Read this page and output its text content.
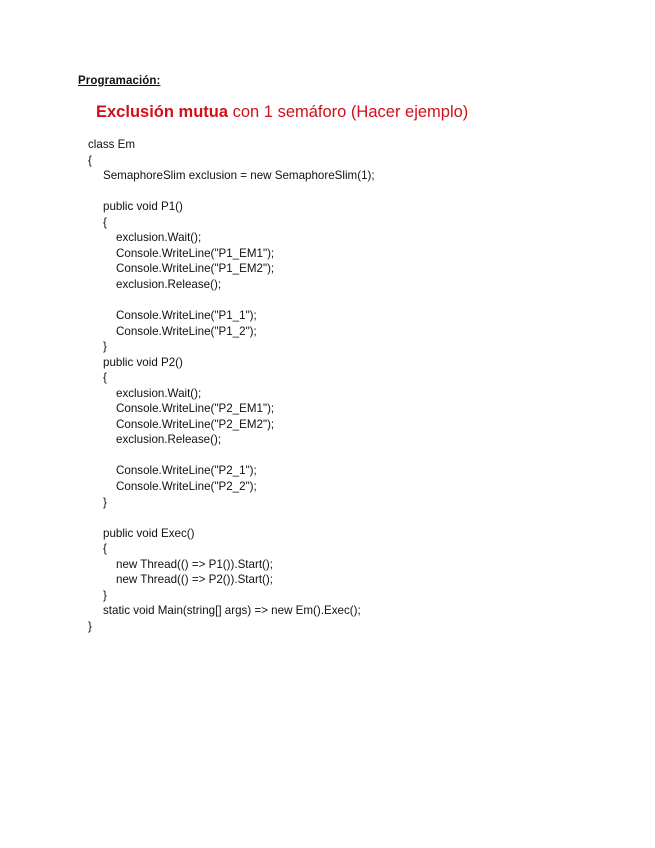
Programación:
Exclusión mutua con 1 semáforo (Hacer ejemplo)
class Em
{
SemaphoreSlim exclusion = new SemaphoreSlim(1);
public void P1()
{
exclusion.Wait();
Console.WriteLine("P1_EM1");
Console.WriteLine("P1_EM2");
exclusion.Release();
Console.WriteLine("P1_1");
Console.WriteLine("P1_2");
}
public void P2()
{
exclusion.Wait();
Console.WriteLine("P2_EM1");
Console.WriteLine("P2_EM2");
exclusion.Release();
Console.WriteLine("P2_1");
Console.WriteLine("P2_2");
}
public void Exec()
{
new Thread(() => P1()).Start();
new Thread(() => P2()).Start();
}
static void Main(string[] args) => new Em().Exec();
}
